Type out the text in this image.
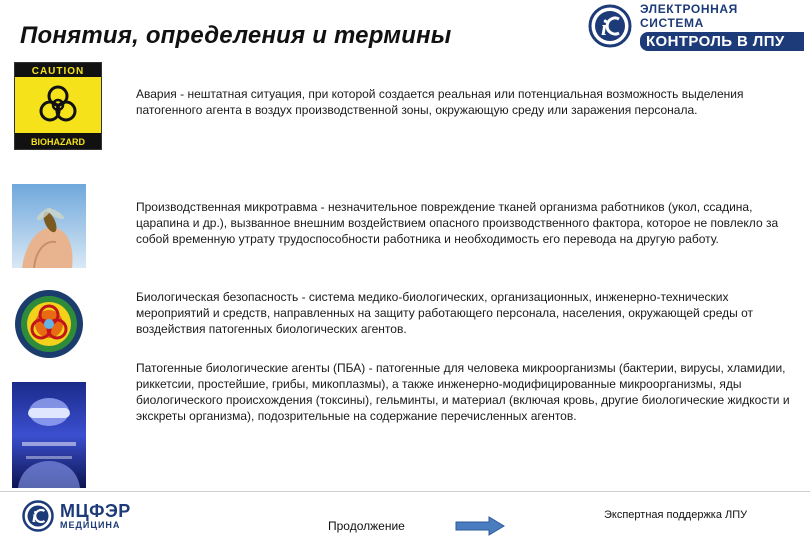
Понятия, определения и термины	i
ЭЛЕКТРОННАЯ СИСТЕМА
КОНТРОЛЬ В ЛПУ
CAUTION
BIOHAZARD

Авария - нештатная ситуация, при которой создается реальная или потенциальная возможность выделения патогенного агента в воздух производственной зоны, окружающую среду или заражения персонала.

Производственная микротравма - незначительное повреждение тканей организма работников (укол, ссадина, царапина и др.), вызванное внешним воздействием опасного производственного фактора, которое не повлекло за собой временную утрату трудоспособности работника и необходимость его перевода на другую работу.

Биологическая безопасность - система медико-биологических, организационных, инженерно-технических мероприятий и средств, направленных на защиту работающего персонала, населения, окружающей среды от воздействия патогенных биологических агентов.

Патогенные биологические агенты (ПБА) - патогенные для человека микроорганизмы (бактерии, вирусы, хламидии, риккетсии, простейшие, грибы, микоплазмы), а также инженерно-модифицированные микроорганизмы, яды биологического происхождения (токсины), гельминты, и материал (включая кровь, другие биологические жидкости и экскреты организма), подозрительные на содержание перечисленных агентов.

i МЦФЭР
МЕДИЦИНА	Продолжение
Экспертная поддержка ЛПУ
